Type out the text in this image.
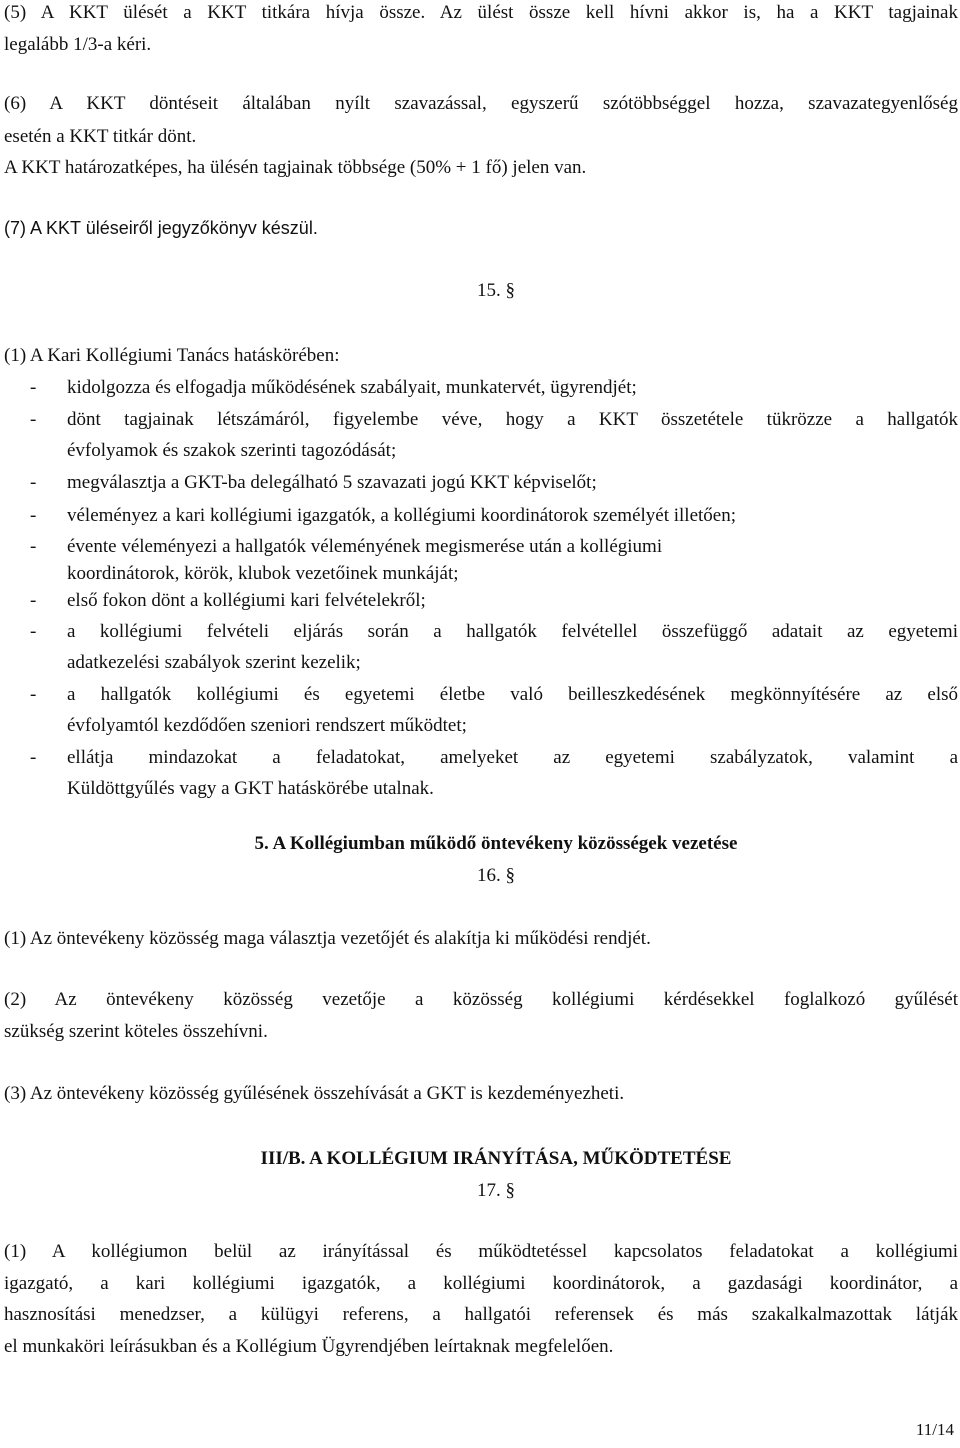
(5) A KKT ülését a KKT titkára hívja össze. Az ülést össze kell hívni akkor is, ha a KKT tagjainak
legalább 1/3-a kéri.
(6) A KKT döntéseit általában nyílt szavazással, egyszerű szótöbbséggel hozza, szavazategyenlőség
esetén a KKT titkár dönt.
A KKT határozatképes, ha ülésén tagjainak többsége (50% + 1 fő) jelen van.
(7) A KKT üléseiről jegyzőkönyv készül.
15. §
(1) A Kari Kollégiumi Tanács hatáskörében:
- kidolgozza és elfogadja működésének szabályait, munkatervét, ügyrendjét;
- dönt tagjainak létszámáról, figyelembe véve, hogy a KKT összetétele tükrözze a hallgatók
évfolyamok és szakok szerinti tagozódását;
- megválasztja a GKT-ba delegálható 5 szavazati jogú KKT képviselőt;
- véleményez a kari kollégiumi igazgatók, a kollégiumi koordinátorok személyét illetően;
- évente véleményezi a hallgatók véleményének megismerése után a kollégiumi
koordinátorok, körök, klubok vezetőinek munkáját;
- első fokon dönt a kollégiumi kari felvételekről;
- a kollégiumi felvételi eljárás során a hallgatók felvétellel összefüggő adatait az egyetemi
adatkezelési szabályok szerint kezelik;
- a hallgatók kollégiumi és egyetemi életbe való beilleszkedésének megkönnyítésére az első
évfolyamtól kezdődően szeniori rendszert működtet;
- ellátja mindazokat a feladatokat, amelyeket az egyetemi szabályzatok, valamint a
Küldöttgyűlés vagy a GKT hatáskörébe utalnak.
5. A Kollégiumban működő öntevékeny közösségek vezetése
16. §
(1) Az öntevékeny közösség maga választja vezetőjét és alakítja ki működési rendjét.
(2) Az öntevékeny közösség vezetője a közösség kollégiumi kérdésekkel foglalkozó gyűlését
szükség szerint köteles összehívni.
(3) Az öntevékeny közösség gyűlésének összehívását a GKT is kezdeményezheti.
III/B. A KOLLÉGIUM IRÁNYÍTÁSA, MŰKÖDTETÉSE
17. §
(1) A kollégiumon belül az irányítással és működtetéssel kapcsolatos feladatokat a kollégiumi
igazgató, a kari kollégiumi igazgatók, a kollégiumi koordinátorok, a gazdasági koordinátor, a
hasznosítási menedzser, a külügyi referens, a hallgatói referensek és más szakalkalmazottak látják
el munkaköri leírásukban és a Kollégium Ügyrendjében leírtaknak megfelelően.
11/14
